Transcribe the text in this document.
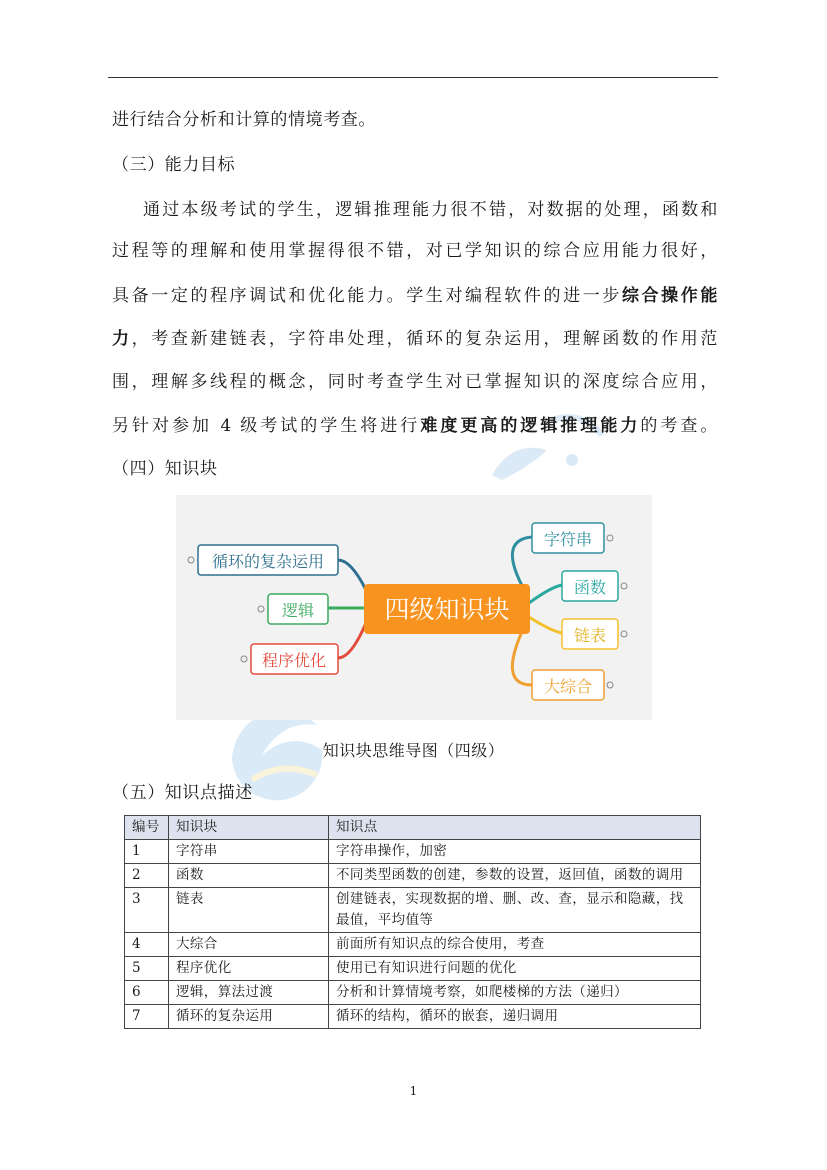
进行结合分析和计算的情境考查。
（三）能力目标
通过本级考试的学生，逻辑推理能力很不错，对数据的处理，函数和
过程等的理解和使用掌握得很不错，对已学知识的综合应用能力很好，
具备一定的程序调试和优化能力。学生对编程软件的进一步综合操作能
力，考查新建链表，字符串处理，循环的复杂运用，理解函数的作用范
围，理解多线程的概念，同时考查学生对已掌握知识的深度综合应用，
另针对参加 4 级考试的学生将进行难度更高的逻辑推理能力的考查。
（四）知识块
四级知识块
循环的复杂运用
逻辑
程序优化
字符串
函数
链表
大综合
知识块思维导图（四级）
（五）知识点描述
编号	知识块	知识点
1	字符串	字符串操作，加密
2	函数	不同类型函数的创建，参数的设置，返回值，函数的调用
3	链表	创建链表，实现数据的增、删、改、查，显示和隐藏，找最值，平均值等
4	大综合	前面所有知识点的综合使用，考查
5	程序优化	使用已有知识进行问题的优化
6	逻辑，算法过渡	分析和计算情境考察，如爬楼梯的方法（递归）
7	循环的复杂运用	循环的结构，循环的嵌套，递归调用
1
